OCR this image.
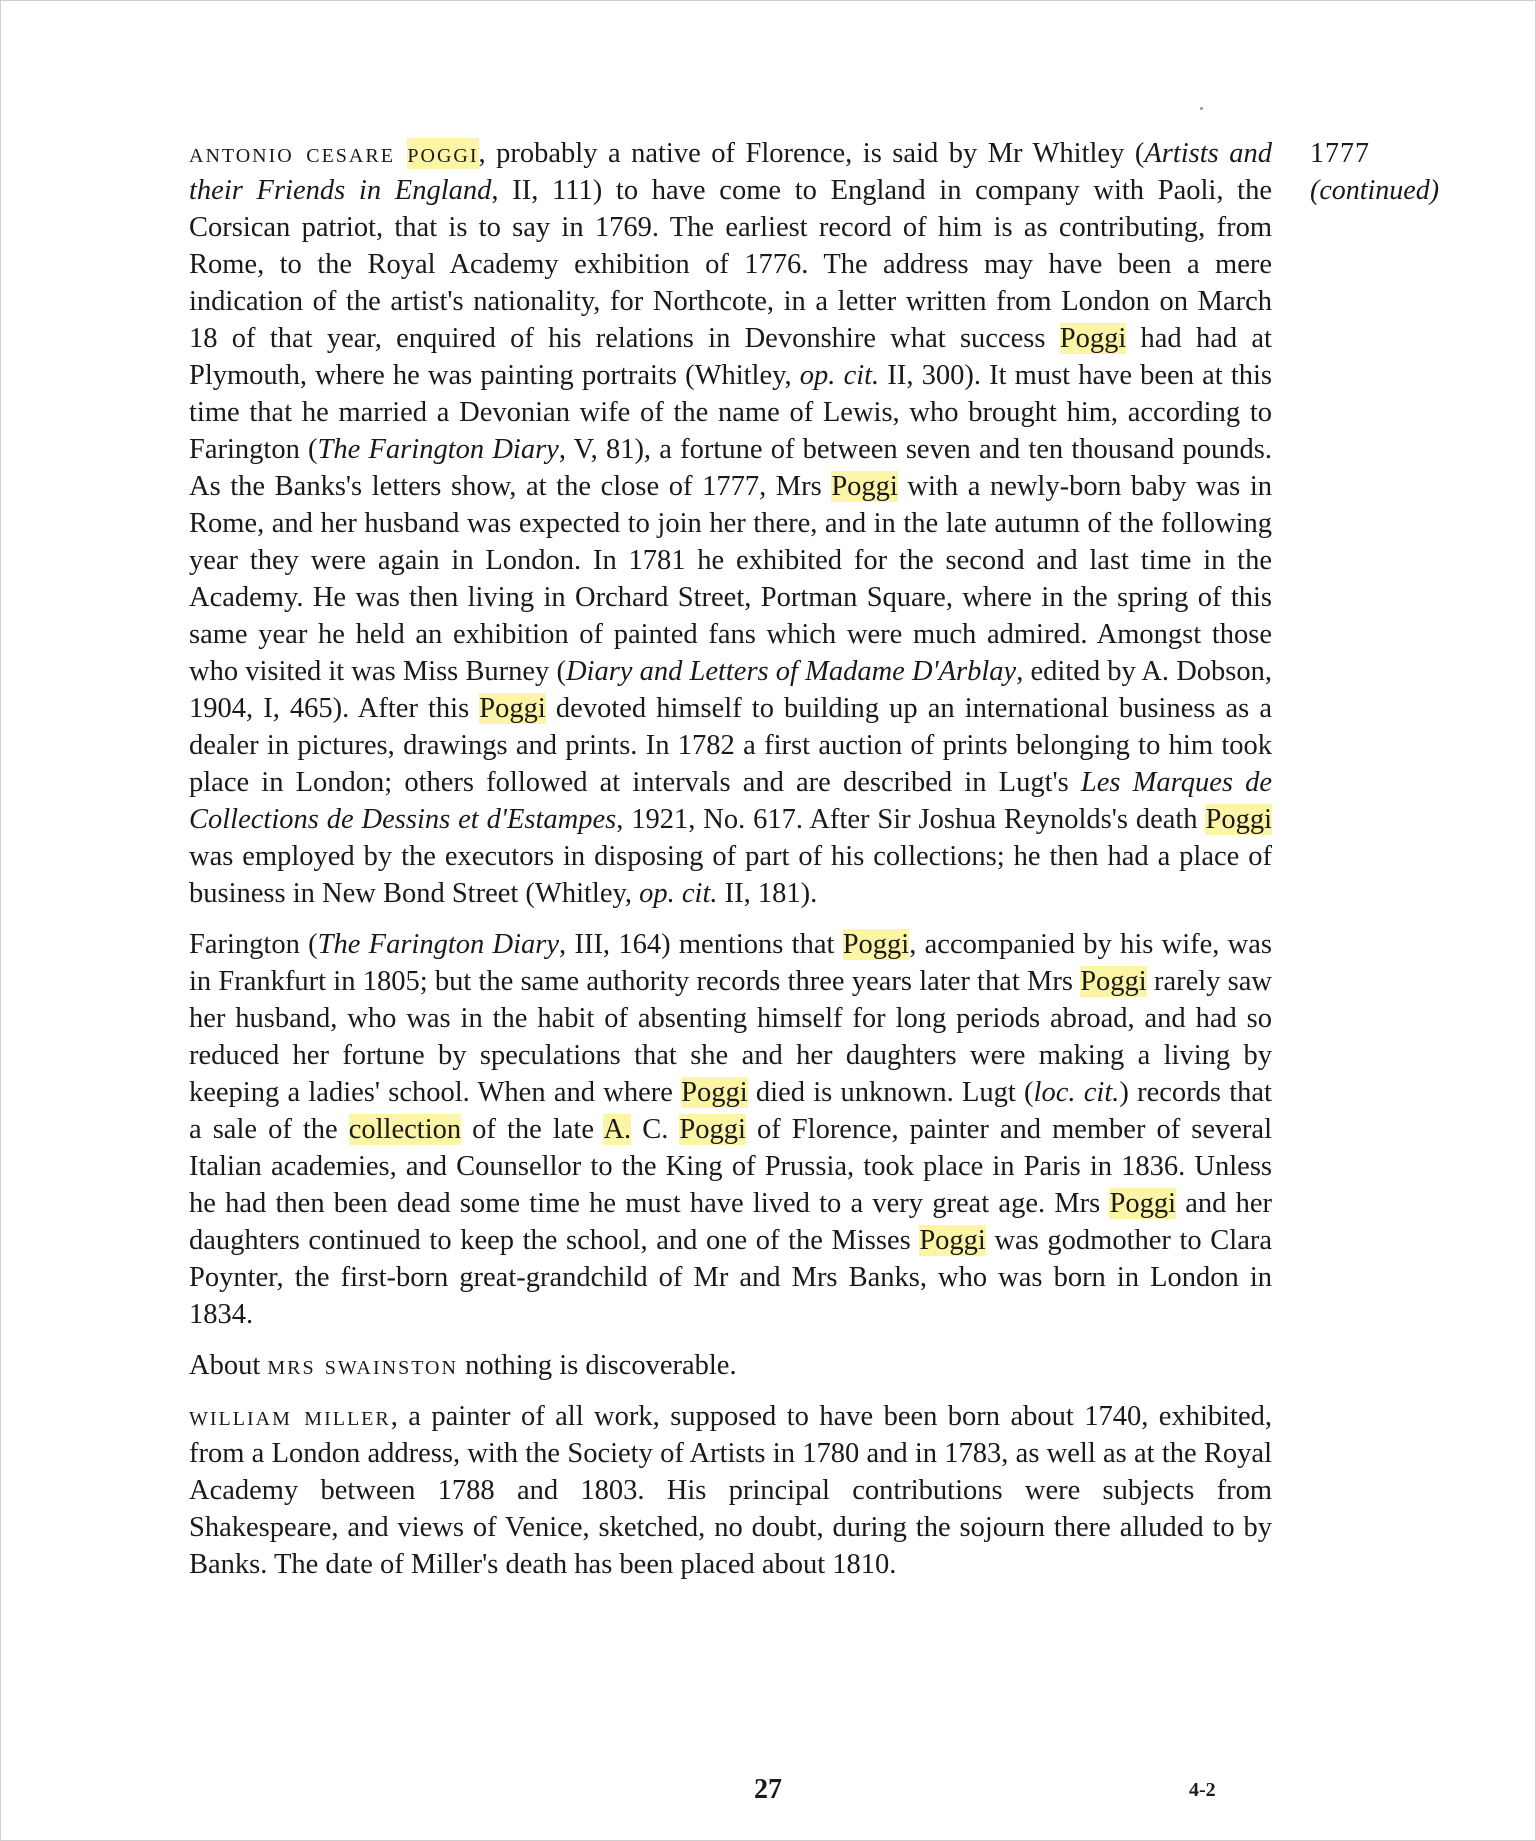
1777
(continued)

antonio cesare poggi, probably a native of Florence, is said by Mr Whitley (Artists and their Friends in England, II, 111) to have come to England in company with Paoli, the Corsican patriot, that is to say in 1769. The earliest record of him is as contributing, from Rome, to the Royal Academy exhibition of 1776. The address may have been a mere indication of the artist's nationality, for Northcote, in a letter written from London on March 18 of that year, enquired of his relations in Devonshire what success Poggi had had at Plymouth, where he was painting portraits (Whitley, op. cit. II, 300). It must have been at this time that he married a Devonian wife of the name of Lewis, who brought him, according to Farington (The Farington Diary, V, 81), a fortune of between seven and ten thousand pounds. As the Banks's letters show, at the close of 1777, Mrs Poggi with a newly-born baby was in Rome, and her husband was expected to join her there, and in the late autumn of the following year they were again in London. In 1781 he exhibited for the second and last time in the Academy. He was then living in Orchard Street, Portman Square, where in the spring of this same year he held an exhibition of painted fans which were much admired. Amongst those who visited it was Miss Burney (Diary and Letters of Madame D'Arblay, edited by A. Dobson, 1904, I, 465). After this Poggi devoted himself to building up an international business as a dealer in pictures, drawings and prints. In 1782 a first auction of prints belonging to him took place in London; others followed at intervals and are described in Lugt's Les Marques de Collections de Dessins et d'Estampes, 1921, No. 617. After Sir Joshua Reynolds's death Poggi was employed by the executors in disposing of part of his collections; he then had a place of business in New Bond Street (Whitley, op. cit. II, 181).

Farington (The Farington Diary, III, 164) mentions that Poggi, accompanied by his wife, was in Frankfurt in 1805; but the same authority records three years later that Mrs Poggi rarely saw her husband, who was in the habit of absenting himself for long periods abroad, and had so reduced her fortune by speculations that she and her daughters were making a living by keeping a ladies' school. When and where Poggi died is unknown. Lugt (loc. cit.) records that a sale of the collection of the late A. C. Poggi of Florence, painter and member of several Italian academies, and Counsellor to the King of Prussia, took place in Paris in 1836. Unless he had then been dead some time he must have lived to a very great age. Mrs Poggi and her daughters continued to keep the school, and one of the Misses Poggi was godmother to Clara Poynter, the first-born great-grandchild of Mr and Mrs Banks, who was born in London in 1834.

About mrs swainston nothing is discoverable.

william miller, a painter of all work, supposed to have been born about 1740, exhibited, from a London address, with the Society of Artists in 1780 and in 1783, as well as at the Royal Academy between 1788 and 1803. His principal contributions were subjects from Shakespeare, and views of Venice, sketched, no doubt, during the sojourn there alluded to by Banks. The date of Miller's death has been placed about 1810.

27	4-2
